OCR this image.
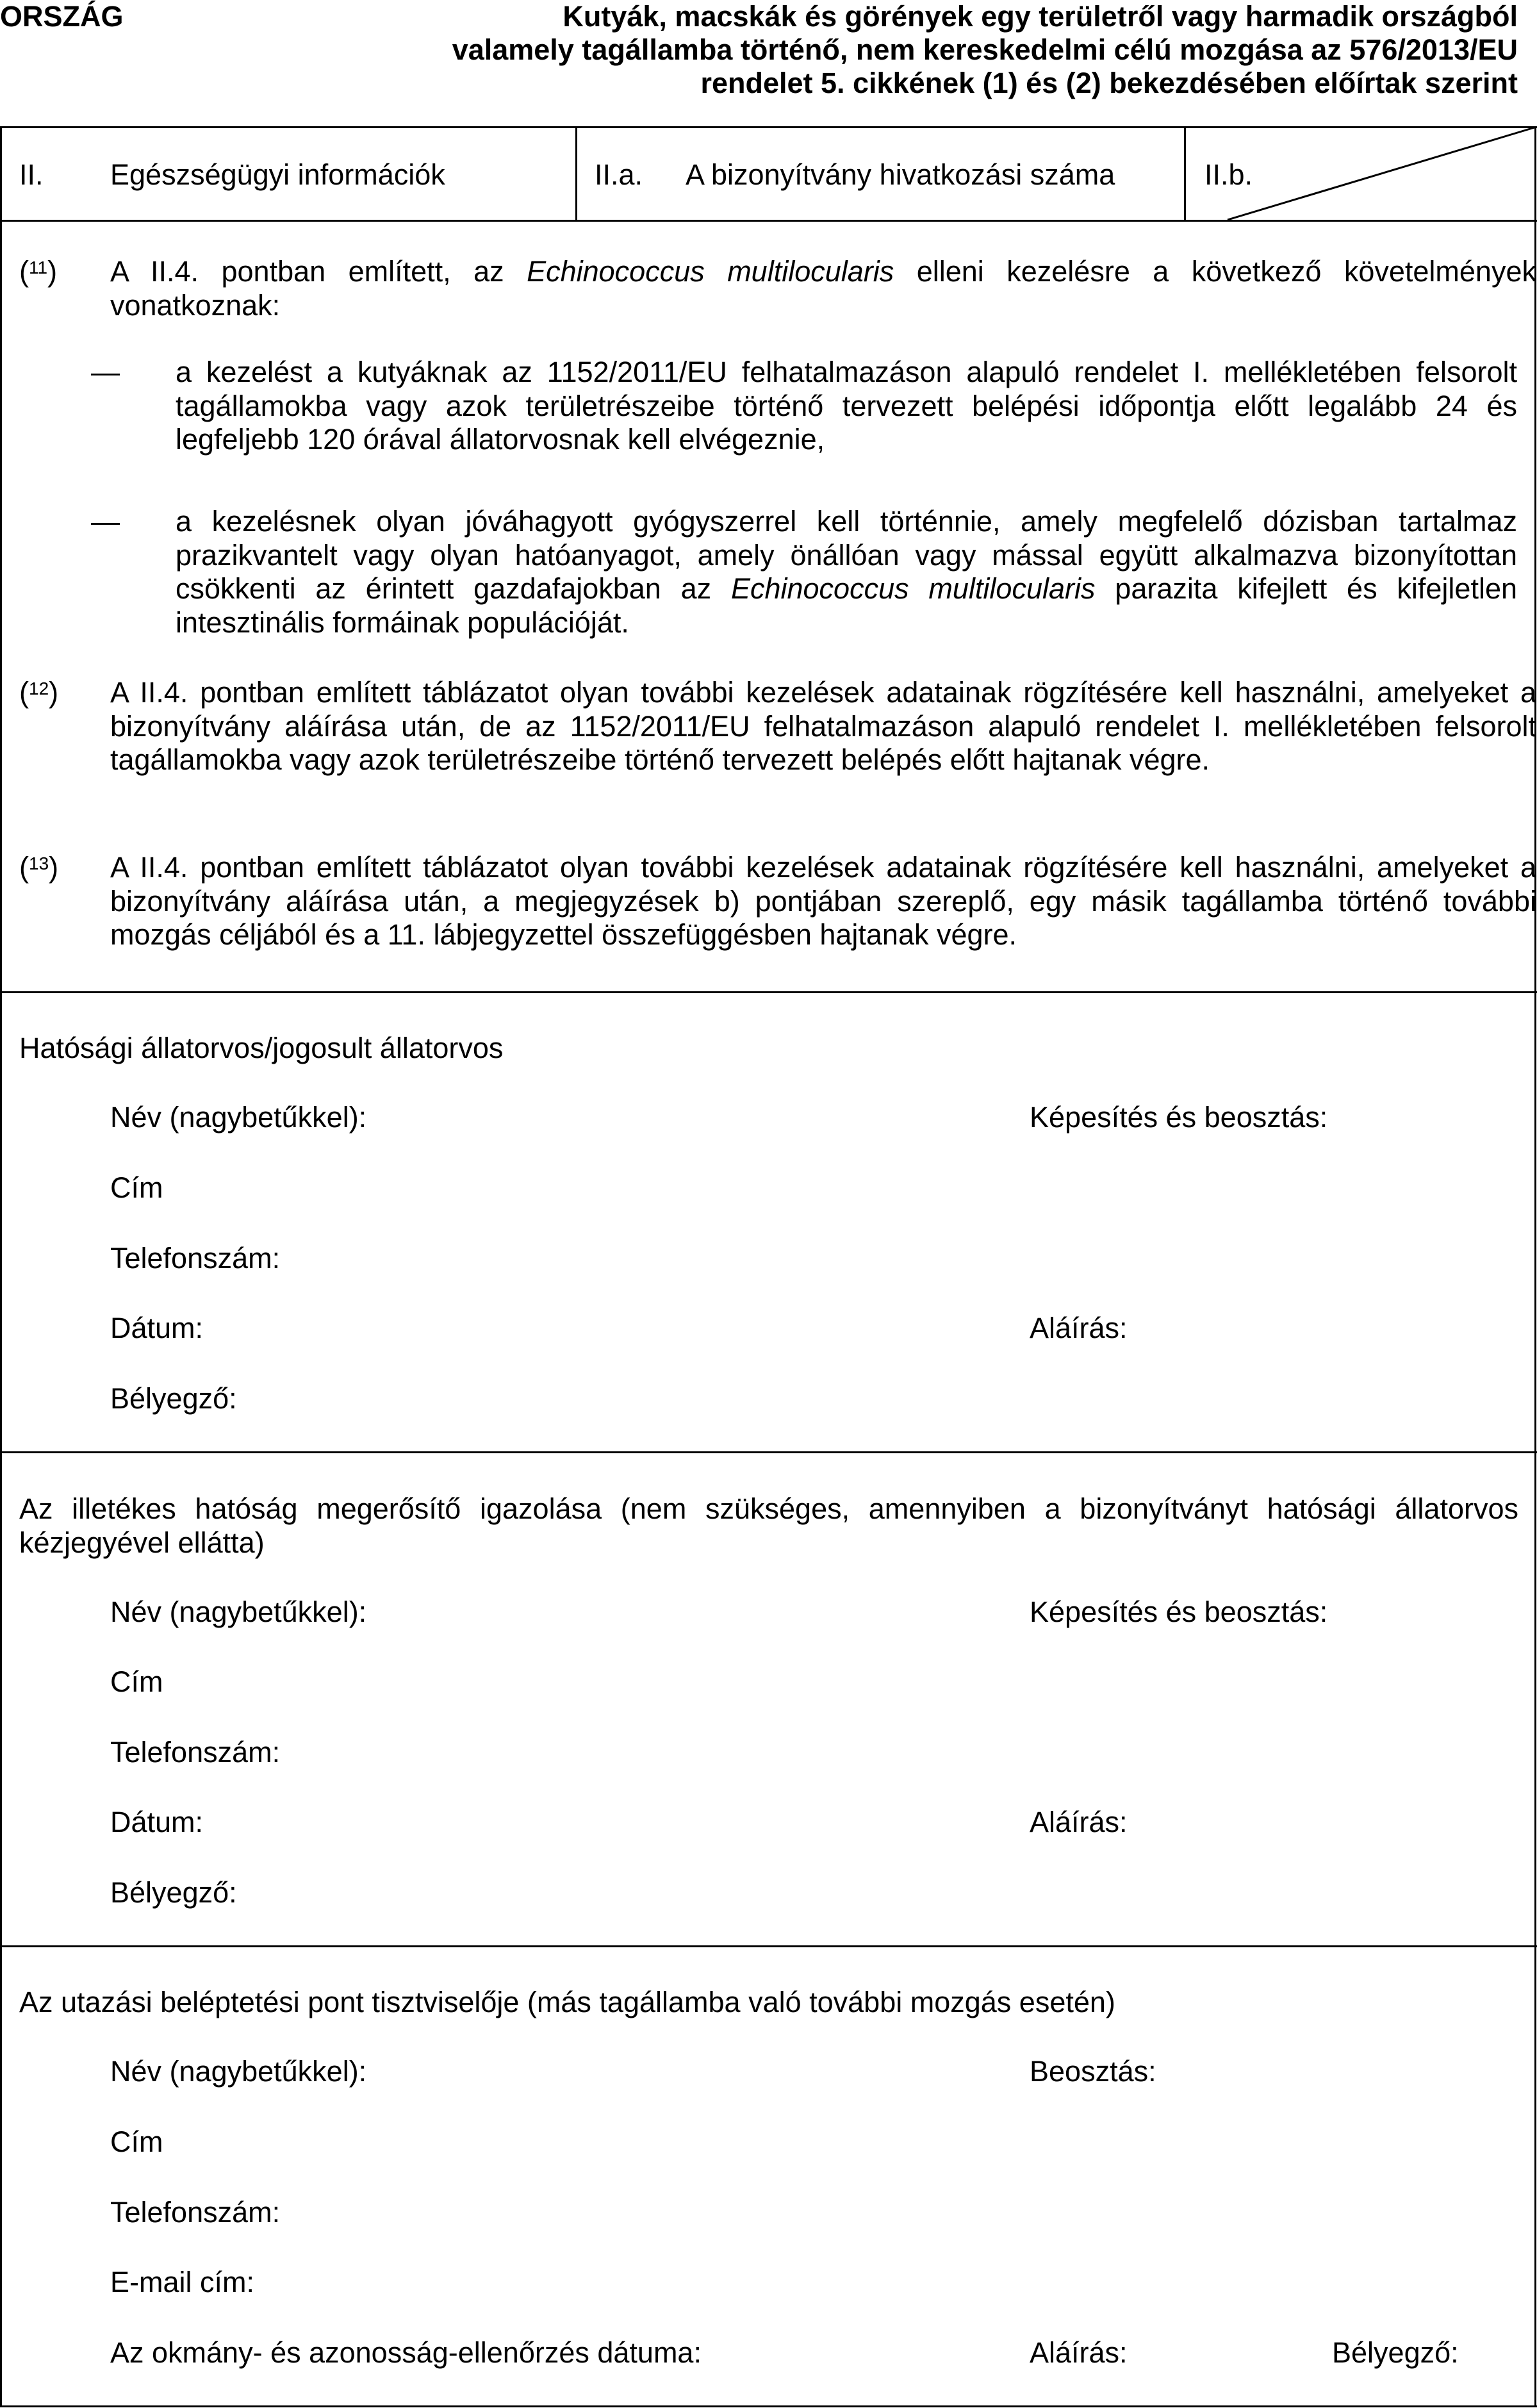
ORSZÁG	Kutyák, macskák és görények egy területről vagy harmadik országból
valamely tagállamba történő, nem kereskedelmi célú mozgása az 576/2013/EU
rendelet 5. cikkének (1) és (2) bekezdésében előírtak szerint
II. Egészségügyi információk	II.a. A bizonyítvány hivatkozási száma	II.b.
($^{11}$) A II.4. pontban említett, az Echinococcus multilocularis elleni kezelésre a következő követelmények vonatkoznak:
— a kezelést a kutyáknak az 1152/2011/EU felhatalmazáson alapuló rendelet I. mellékletében felsorolt tagállamokba vagy azok területrészeibe történő tervezett belépési időpontja előtt legalább 24 és legfeljebb 120 órával állatorvosnak kell elvégeznie,
— a kezelésnek olyan jóváhagyott gyógyszerrel kell történnie, amely megfelelő dózisban tartalmaz prazikvantelt vagy olyan hatóanyagot, amely önállóan vagy mással együtt alkalmazva bizonyítottan csökkenti az érintett gazdafajokban az Echinococcus multilocularis parazita kifejlett és kifejletlen intesztinális formáinak populációját.
($^{12}$) A II.4. pontban említett táblázatot olyan további kezelések adatainak rögzítésére kell használni, amelyeket a bizonyítvány aláírása után, de az 1152/2011/EU felhatalmazáson alapuló rendelet I. mellékletében felsorolt tagállamokba vagy azok területrészeibe történő tervezett belépés előtt hajtanak végre.
($^{13}$) A II.4. pontban említett táblázatot olyan további kezelések adatainak rögzítésére kell használni, amelyeket a bizonyítvány aláírása után, a megjegyzések b) pontjában szereplő, egy másik tagállamba történő további mozgás céljából és a 11. lábjegyzettel összefüggésben hajtanak végre.
Hatósági állatorvos/jogosult állatorvos
Név (nagybetűkkel):	Képesítés és beosztás:
Cím
Telefonszám:
Dátum:	Aláírás:
Bélyegző:
Az illetékes hatóság megerősítő igazolása (nem szükséges, amennyiben a bizonyítványt hatósági állatorvos kézjegyével ellátta)
Név (nagybetűkkel):	Képesítés és beosztás:
Cím
Telefonszám:
Dátum:	Aláírás:
Bélyegző:
Az utazási beléptetési pont tisztviselője (más tagállamba való további mozgás esetén)
Név (nagybetűkkel):	Beosztás:
Cím
Telefonszám:
E-mail cím:
Az okmány- és azonosság-ellenőrzés dátuma:	Aláírás:	Bélyegző:
